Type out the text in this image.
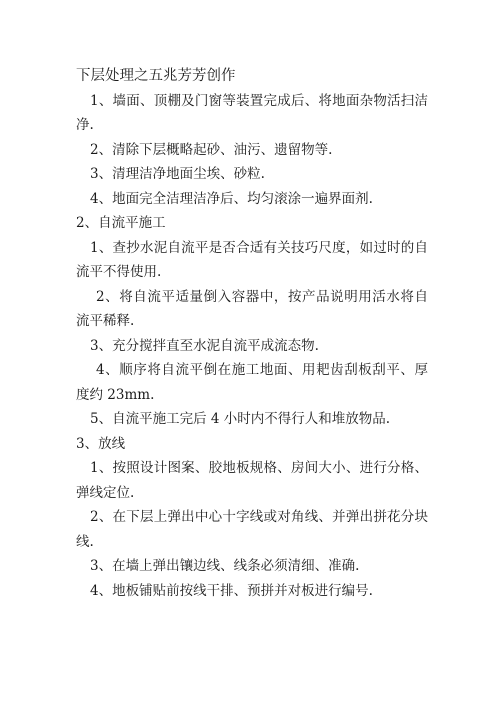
下层处理之五兆芳芳创作
1、墙面、顶棚及门窗等装置完成后、将地面杂物活扫洁净.
2、清除下层概略起砂、油污、遗留物等.
3、清理洁净地面尘埃、砂粒.
4、地面完全洁理洁净后、均匀滚涂一遍界面剂.
2、自流平施工
1、查抄水泥自流平是否合适有关技巧尺度，如过时的自流平不得使用.
2、将自流平适量倒入容器中，按产品说明用活水将自流平稀释.
3、充分搅拌直至水泥自流平成流态物.
4、顺序将自流平倒在施工地面、用耙齿刮板刮平、厚度约 23mm.
5、自流平施工完后 4 小时内不得行人和堆放物品.
3、放线
1、按照设计图案、胶地板规格、房间大小、进行分格、弹线定位.
2、在下层上弹出中心十字线或对角线、并弹出拼花分块线.
3、在墙上弹出镶边线、线条必须清细、准确.
4、地板铺贴前按线干排、预拼并对板进行编号.
